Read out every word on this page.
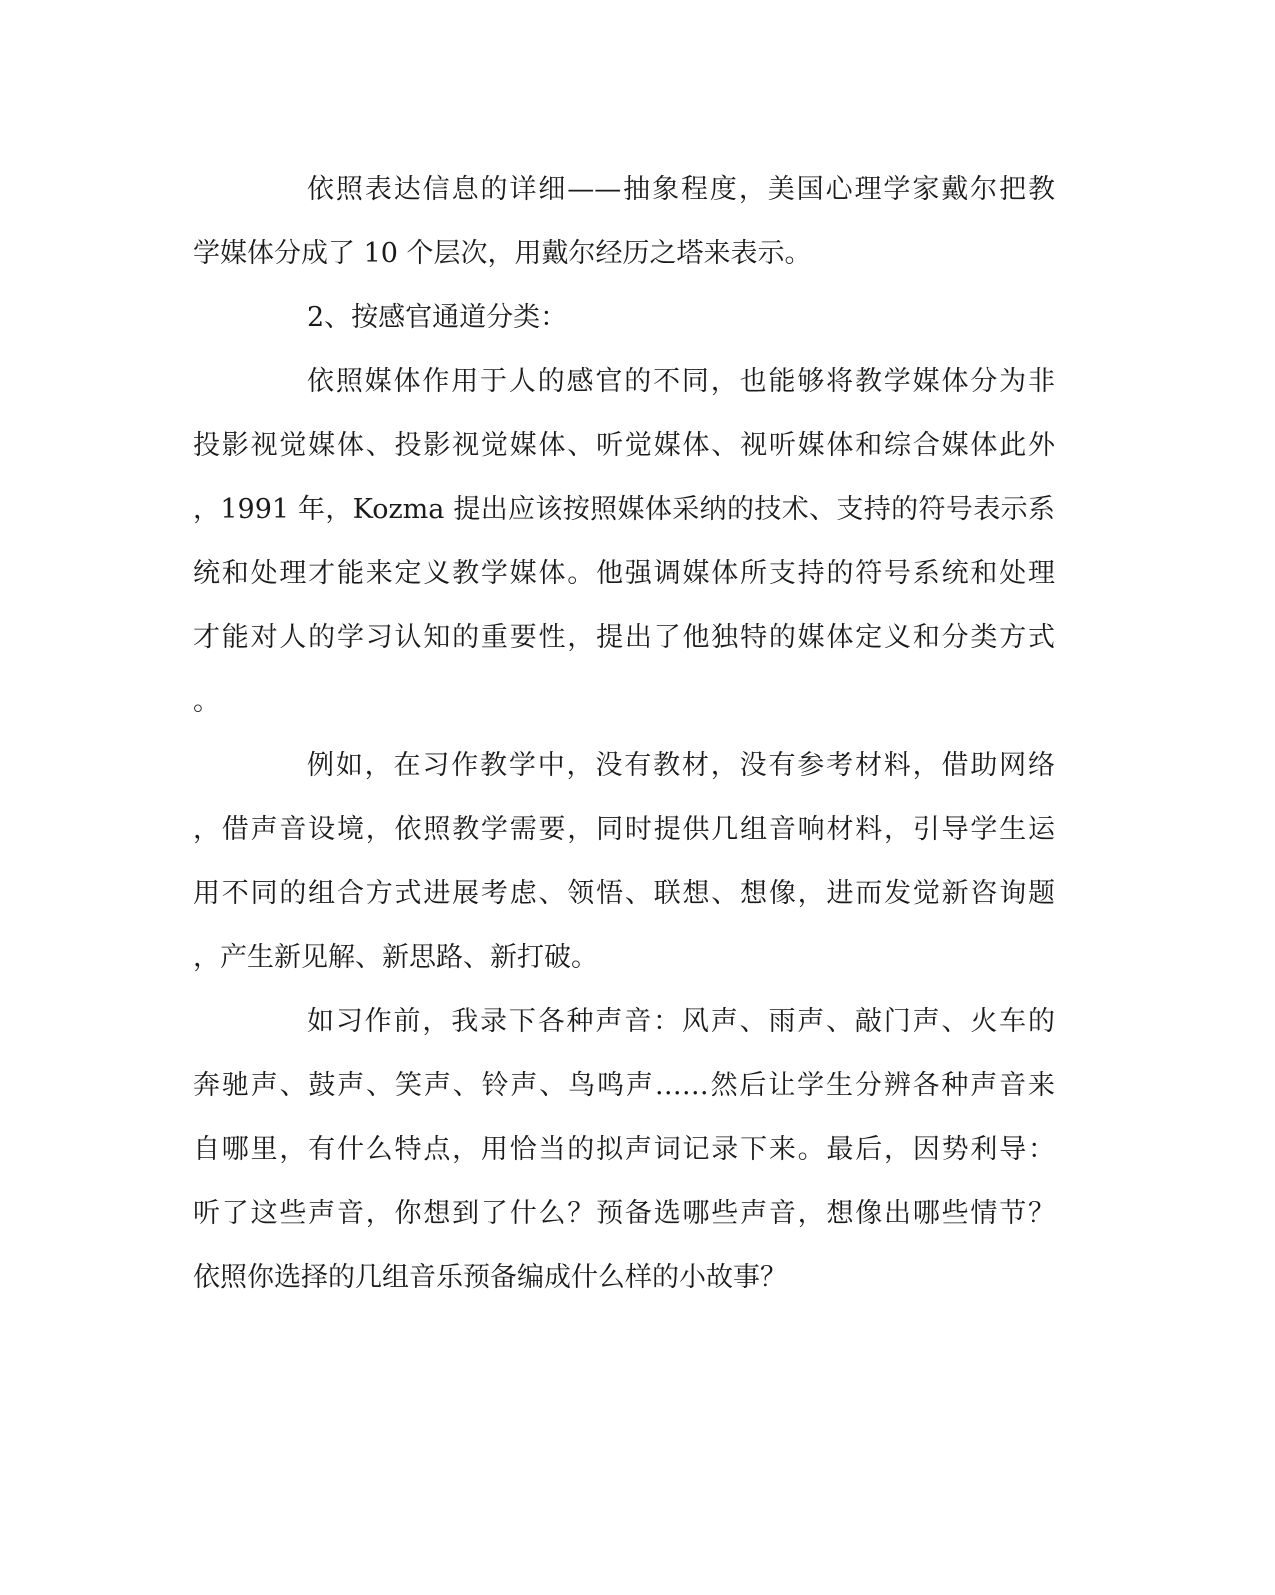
依照表达信息的详细——抽象程度，美国心理学家戴尔把教
学媒体分成了 10 个层次，用戴尔经历之塔来表示。
2、按感官通道分类：
依照媒体作用于人的感官的不同，也能够将教学媒体分为非
投影视觉媒体、投影视觉媒体、听觉媒体、视听媒体和综合媒体此外
，1991 年，Kozma 提出应该按照媒体采纳的技术、支持的符号表示系
统和处理才能来定义教学媒体。他强调媒体所支持的符号系统和处理
才能对人的学习认知的重要性，提出了他独特的媒体定义和分类方式
。
例如，在习作教学中，没有教材，没有参考材料，借助网络
，借声音设境，依照教学需要，同时提供几组音响材料，引导学生运
用不同的组合方式进展考虑、领悟、联想、想像，进而发觉新咨询题
，产生新见解、新思路、新打破。
如习作前，我录下各种声音：风声、雨声、敲门声、火车的
奔驰声、鼓声、笑声、铃声、鸟鸣声……然后让学生分辨各种声音来
自哪里，有什么特点，用恰当的拟声词记录下来。最后，因势利导：
听了这些声音，你想到了什么？预备选哪些声音，想像出哪些情节？
依照你选择的几组音乐预备编成什么样的小故事？
